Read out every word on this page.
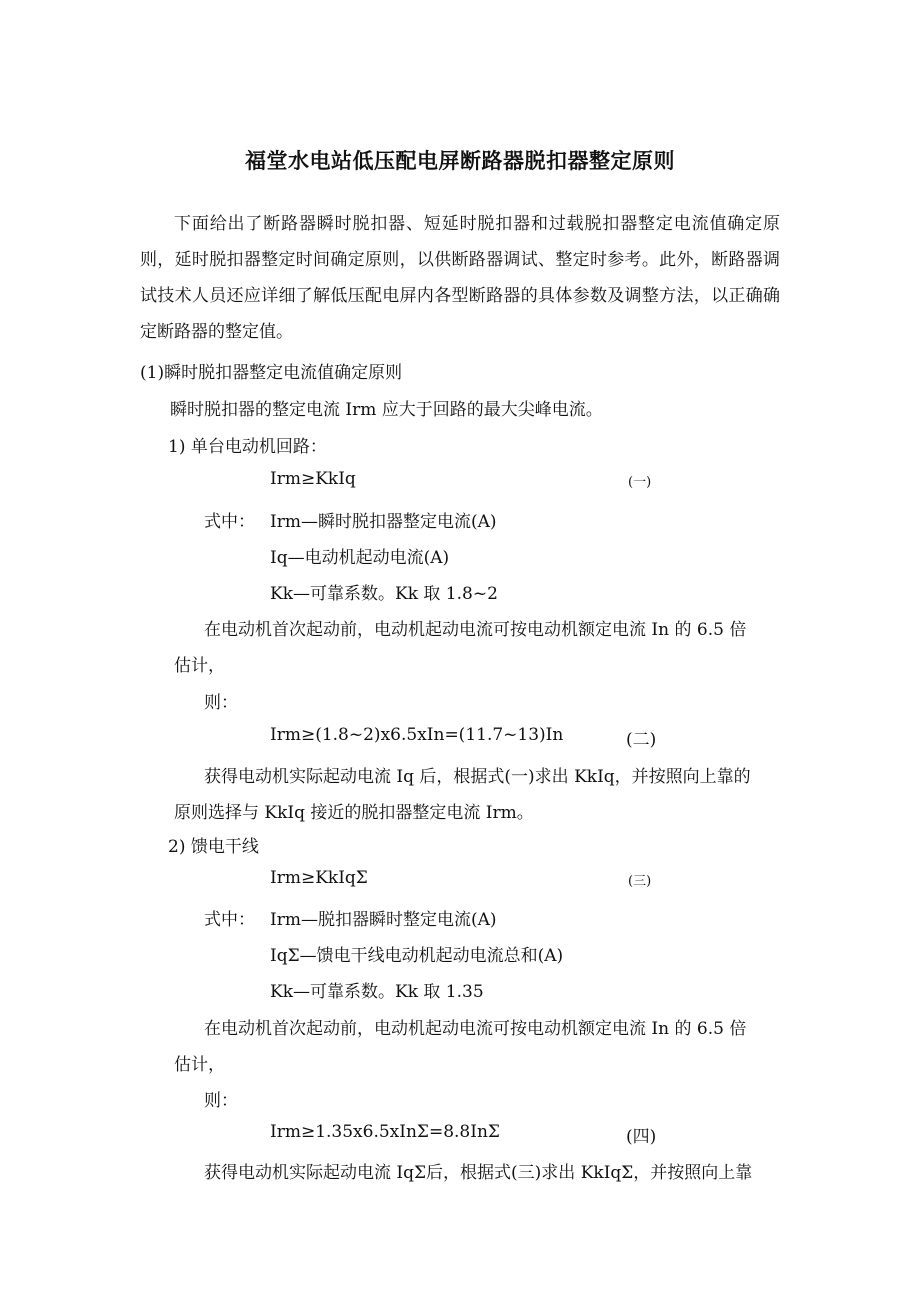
福堂水电站低压配电屏断路器脱扣器整定原则
下面给出了断路器瞬时脱扣器、短延时脱扣器和过载脱扣器整定电流值确定原则，延时脱扣器整定时间确定原则，以供断路器调试、整定时参考。此外，断路器调试技术人员还应详细了解低压配电屏内各型断路器的具体参数及调整方法，以正确确定断路器的整定值。
(1)瞬时脱扣器整定电流值确定原则
瞬时脱扣器的整定电流 Irm 应大于回路的最大尖峰电流。
1) 单台电动机回路：
Irm≥KkIq	(一)
式中： Irm—瞬时脱扣器整定电流(A)
Iq—电动机起动电流(A)
Kk—可靠系数。Kk 取 1.8~2
在电动机首次起动前，电动机起动电流可按电动机额定电流 In 的 6.5 倍
估计，
则：
Irm≥(1.8~2)x6.5xIn=(11.7~13)In	(二)
获得电动机实际起动电流 Iq 后，根据式(一)求出 KkIq，并按照向上靠的
原则选择与 KkIq 接近的脱扣器整定电流 Irm。
2) 馈电干线
Irm≥KkIqΣ	(三)
式中： Irm—脱扣器瞬时整定电流(A)
IqΣ—馈电干线电动机起动电流总和(A)
Kk—可靠系数。Kk 取 1.35
在电动机首次起动前，电动机起动电流可按电动机额定电流 In 的 6.5 倍
估计，
则：
Irm≥1.35x6.5xInΣ=8.8InΣ	(四)
获得电动机实际起动电流 IqΣ后，根据式(三)求出 KkIqΣ，并按照向上靠
